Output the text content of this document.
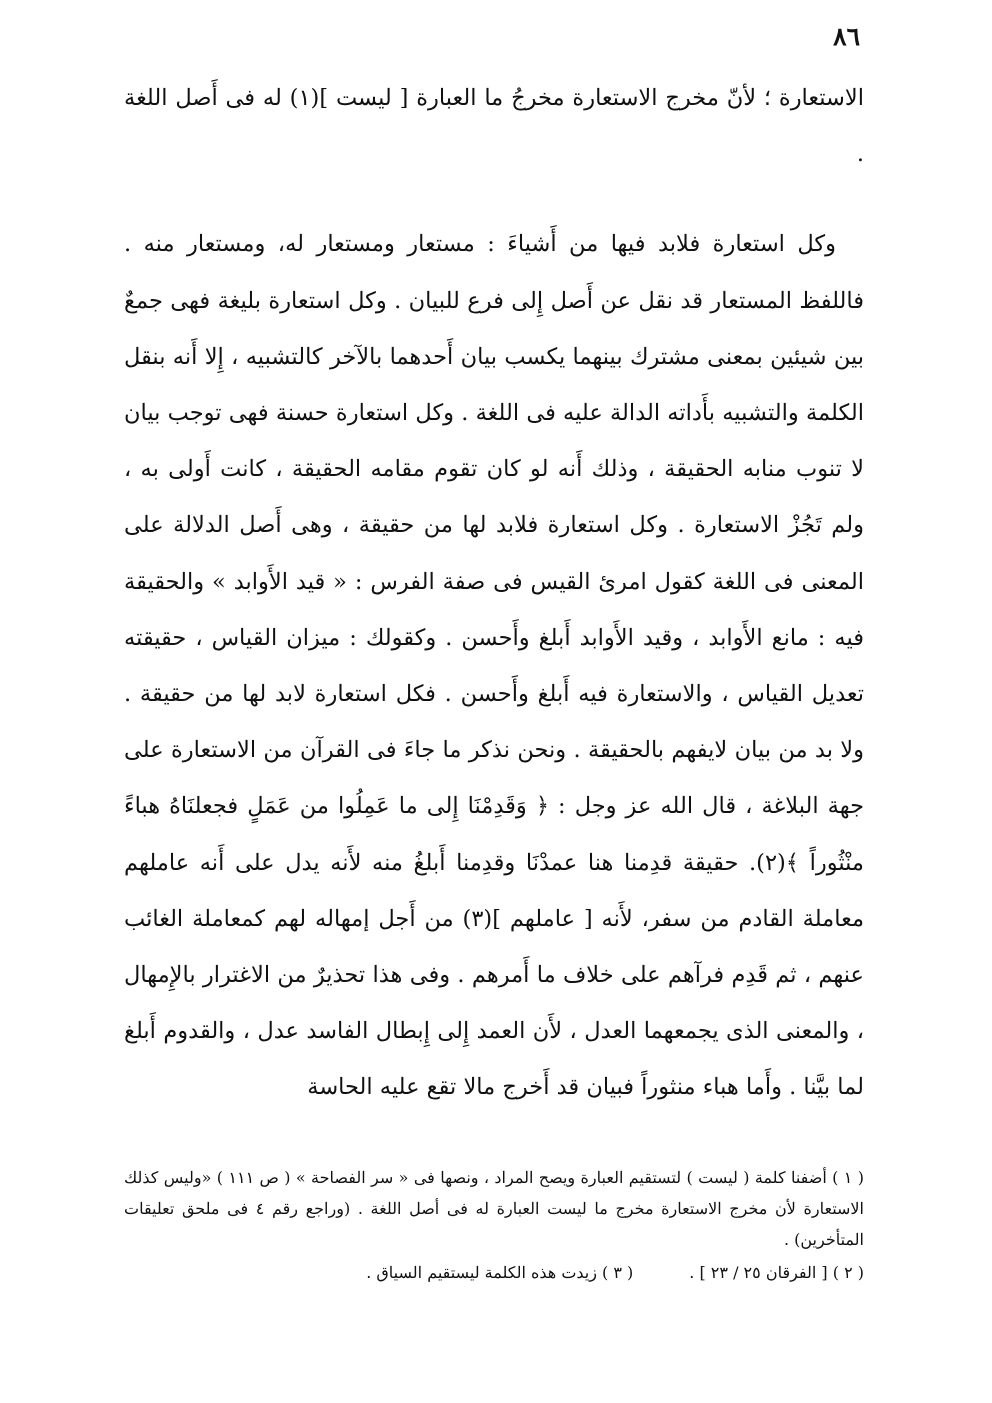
٨٦

الاستعارة ؛ لأنّ مخرج الاستعارة مخرجُ ما العبارة [ ليست ](١) له فى أَصل اللغة .

وكل استعارة فلابد فيها من أَشياءَ : مستعار ومستعار له، ومستعار منه . فاللفظ المستعار قد نقل عن أَصل إِلى فرع للبيان . وكل استعارة بليغة فهى جمعٌ بين شيئين بمعنى مشترك بينهما يكسب بيان أَحدهما بالآخر كالتشبيه ، إِلا أَنه بنقل الكلمة والتشبيه بأَداته الدالة عليه فى اللغة . وكل استعارة حسنة فهى توجب بيان لا تنوب منابه الحقيقة ، وذلك أَنه لو كان تقوم مقامه الحقيقة ، كانت أَولى به ، ولم تَجُزْ الاستعارة . وكل استعارة فلابد لها من حقيقة ، وهى أَصل الدلالة على المعنى فى اللغة كقول امرئ القيس فى صفة الفرس : « قيد الأَوابد » والحقيقة فيه : مانع الأَوابد ، وقيد الأَوابد أَبلغ وأَحسن . وكقولك : ميزان القياس ، حقيقته تعديل القياس ، والاستعارة فيه أَبلغ وأَحسن . فكل استعارة لابد لها من حقيقة . ولا بد من بيان لايفهم بالحقيقة . ونحن نذكر ما جاءَ فى القرآن من الاستعارة على جهة البلاغة ، قال الله عز وجل : ﴿ وَقَدِمْنَا إِلى ما عَمِلُوا من عَمَلٍ فجعلنَاهُ هباءً منْثُوراً ﴾(٢). حقيقة قدِمنا هنا عمدْنَا وقدِمنا أَبلغُ منه لأَنه يدل على أَنه عاملهم معاملة القادم من سفر، لأَنه [ عاملهم ](٣) من أَجل إمهاله لهم كمعاملة الغائب عنهم ، ثم قَدِم فرآهم على خلاف ما أَمرهم . وفى هذا تحذيرٌ من الاغترار بالإِمهال ، والمعنى الذى يجمعهما العدل ، لأَن العمد إِلى إِبطال الفاسد عدل ، والقدوم أَبلغ لما بيَّنا . وأَما هباء منثوراً فبيان قد أَخرج مالا تقع عليه الحاسة

( ١ ) أضفنا كلمة ( ليست ) لتستقيم العبارة ويصح المراد ، ونصها فى « سر الفصاحة » ( ص ١١١ ) «وليس كذلك الاستعارة لأن مخرج الاستعارة مخرج ما ليست العبارة له فى أصل اللغة . (وراجع رقم ٤ فى ملحق تعليقات المتأخرين) .

( ٢ ) [ الفرقان ٢٥ / ٢٣ ] .
( ٣ ) زيدت هذه الكلمة ليستقيم السياق .
